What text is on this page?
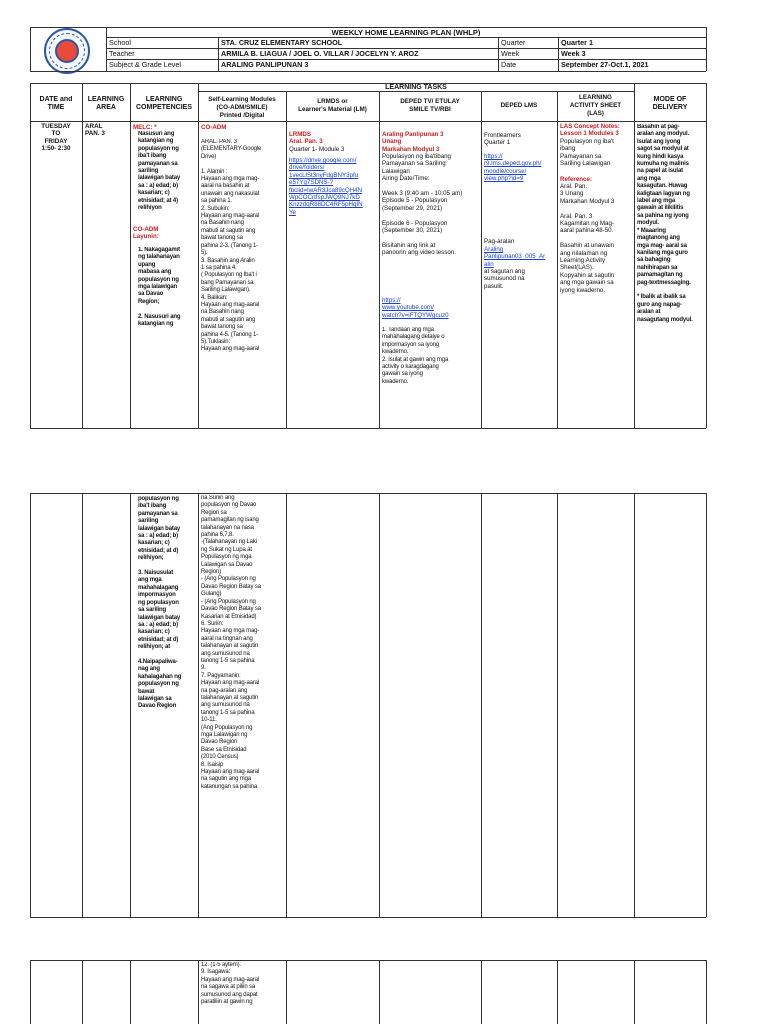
WEEKLY HOME LEARNING PLAN (WHLP)
School
Teacher
Subject & Grade Level
STA. CRUZ ELEMENTARY SCHOOL
ARMILA B. LIAGUA / JOEL O. VILLAR / JOCELYN Y. AROZ
ARALING PANLIPUNAN 3
Quarter
Week
Date
Quarter 1
Week 3
September 27-Oct.1, 2021
DATE and
TIME
LEARNING
AREA
LEARNING
COMPETENCIES
LEARNING TASKS
Self-Learning Modules
(CO-ADM/SMILE)
Printed /Digital
LRMDS or
Learner's Material (LM)
DEPED TV/ ETULAY
SMILE TV/RBI
DEPED LMS
LEARNING
ACTIVITY SHEET
(LAS)
MODE OF
DELIVERY
TUESDAY
TO
FRIDAY
1:50- 2:30
ARAL
PAN. 3
MELC: *
Nasusuri ang
katangian ng
populasyon ng
iba't ibang
pamayanan sa
sariling
lalawigan batay
sa : a) edad; b)
kasarian; c)
etnisidad; at 4)
relihiyon
CO-ADM
Layunin:
1. Nakagagamit
ng talahanayan
upang
mabasa ang
populasyon ng
mga lalawigan
sa Davao
Region;

2. Nasusuri ang
katangian ng
CO-ADM
ARAL. PAN. 3
(ELEMENTARY-Google
Drive)

1. Alamin :
Hayaan ang mga mag-
aaral na basahin at
unawain ang nakasulat
sa pahina 1.
2. Subukin:
Hayaan ang mag-aaral
na Basahin nang
mabuti at sagutin ang
bawat tanong sa
pahina 2-3. (Tanong 1-
5).
3. Basahin ang Aralin
1 sa pahina 4.
( Populasyon ng Iba't i
bang Pamayanan sa
Sariling Lalawigan).
4. Balikan:
Hayaan ang mag-aaral
na Basahin nang
mabuti at sagutin ang
bawat tanong sa
pahina 4-5. (Tanong 1-
5).Tuklasin:
Hayaan ang mag-aaral
LRMDS
Aral. Pan. 3
Quarter 1- Module 3
https://drive.google.com/
drive/folders/
1vecLlSt3nyFdgBNY3pfu
e57Yg7SDNS-?
fbclid=IwAR3Jca89cQH4N
WpCOCrtfspJWQ9NJ7kD
KnzzdqR88DC4RF5pHqIN
Ye
Araling Panlipunan 3
Unang
Markahan Modyul 3
Populasyon ng iba'tibang
Pamayanan sa Sariling
Lalawigan
Airing Date/Time:

Week 3 (9:40 am - 10:05 am)
Episode 5 - Populasyon
(September 29, 2021)

Episode 6 - Populasyon
(September 30, 2021)

Bisitahin ang link at
panoorin ang video lesson.
https://
www.youtube.com/
watch?v=iFTQYWgcuz0
1. Tandaan ang mga
mahahalagang detalye o
impormasyon sa iyong
kwaderno.
2. Isulat at gawin ang mga
activity o karagdagang
gawain sa iyong
kwaderno.
Frontlearners
Quarter 1
https://
r9.lms.deped.gov.ph/
moodle/course/
view.php?id=9
Pag-aralan
Araling
Panlipunan03_005_Ar
alin
at sagutan ang
sumusunod na
pasulit.
LAS Concept Notes:
Lesson 1 Modules 3
Populasyon ng iba't
ibang
Pamayanan sa
Sariling Lalawigan
Reference:
Aral. Pan.
3 Unang
Markahan Modyul 3

Aral. Pan. 3
Kagamitan ng Mag-
aaral pahina 48-50.

Basahin at unawain
ang nilalaman ng
Learning Activity
Sheet(LAS).
Kopyahin at sagutin
ang mga gawain sa
iyong kwaderno.
Basahin at pag-
aralan ang modyul.
Isulat ang iyong
sagot sa modyul at
kung hindi kasya
kumuha ng malinis
na papel at isulat
ang mga
kasagutan. Huwag
kaligtaan lagyan ng
label ang mga
gawain at ilikilitis
sa pahina ng iyong
modyul.
* Maaaring
magtanong ang
mga mag- aaral sa
kanilang mga guro
sa bahaging
nahihirapan sa
pamamagitan ng
pag-textmessaging.

* Ibalik at ibalik sa
guro ang napag-
aralan at
nasagutang modyul.
populasyon ng
iba't ibang
pamayanan sa
sariling
lalawigan batay
sa : a) edad; b)
kasarian; c)
etnisidad; at d)
relihiyon;

3. Naisusulat
ang mga
mahahalagang
impormasyon
ng populasyon
sa sariling
lalawigan batay
sa : a) edad; b)
kasarian; c)
etnisidad; at d)
relihiyon; at

4.Naipapaliwa-
nag ang
kahalagahan ng
populasyon ng
bawat
lalawigan sa
Davao Region
na Suriin ang
populasyon ng Davao
Region sa
pamamagitan ng isang
talahanayan na nasa
pahina 6,7,8.
-(Talahanayan ng Laki
ng Sukat ng Lupa at
Populasyon ng mga
Lalawigan sa Davao
Region)
- (Ang Populasyon ng
Davao Region Batay sa
Gulang)
- (Ang Populasyon ng
Davao Region Batay sa
Kasarian at Etnisidad)
6. Suriin:
Hayaan ang mga mag-
aaral na tingnan ang
talahanayan at sagutin
ang sumusunod na
tanong 1-5 sa pahina
9.
7. Pagyamanin:
Hayaan ang mag-aaral
na pag-aralan ang
talahanayan at sagutin
ang sumusunod na
tanong 1-5 sa pahina
10-11.
(Ang Populasyon ng
mga Lalawigan ng
Davao Region
Base sa Etnisidad
(2010 Census)
8. Isaisip
Hayaan ang mag-aaral
na sagutin ang mga
katanungan sa pahina
12. (1-5 aytem).
9. Isagawa:
Hayaan ang mag-aaral
na sagawa at piliin sa
sumusunod ang dapat
paratiliin at gawin ng
